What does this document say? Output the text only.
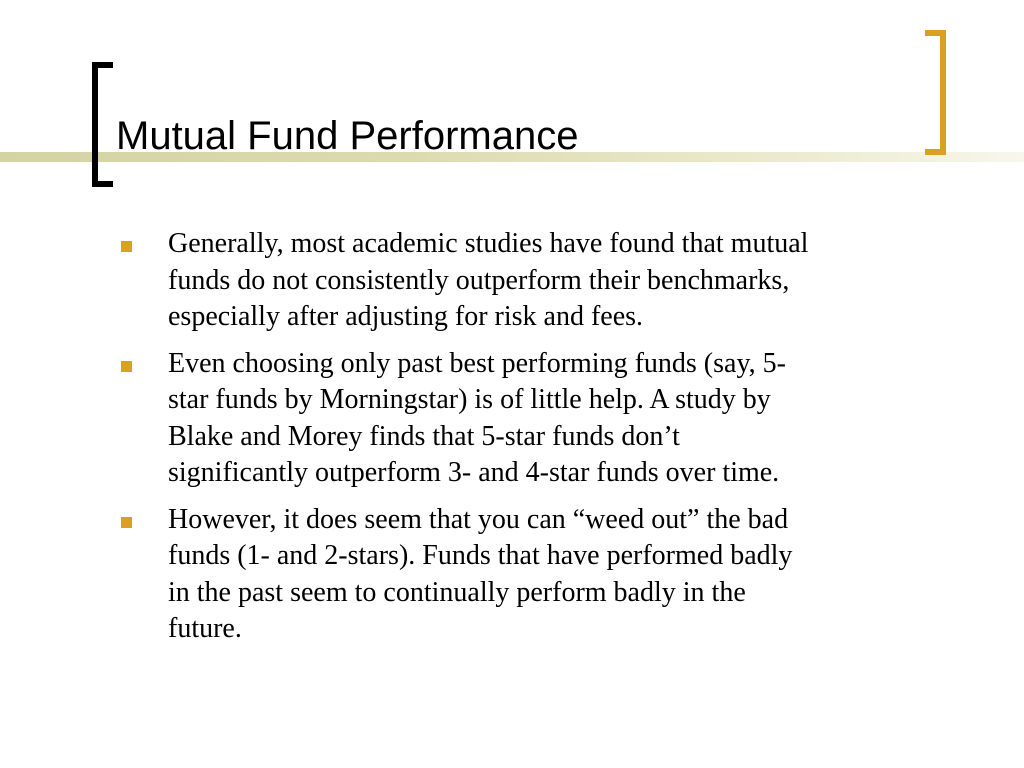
Mutual Fund Performance
Generally, most academic studies have found that mutual
funds do not consistently outperform their benchmarks,
especially after adjusting for risk and fees.
Even choosing only past best performing funds (say, 5-
star funds by Morningstar) is of little help. A study by
Blake and Morey finds that 5-star funds don’t
significantly outperform 3- and 4-star funds over time.
However, it does seem that you can “weed out” the bad
funds (1- and 2-stars). Funds that have performed badly
in the past seem to continually perform badly in the
future.
